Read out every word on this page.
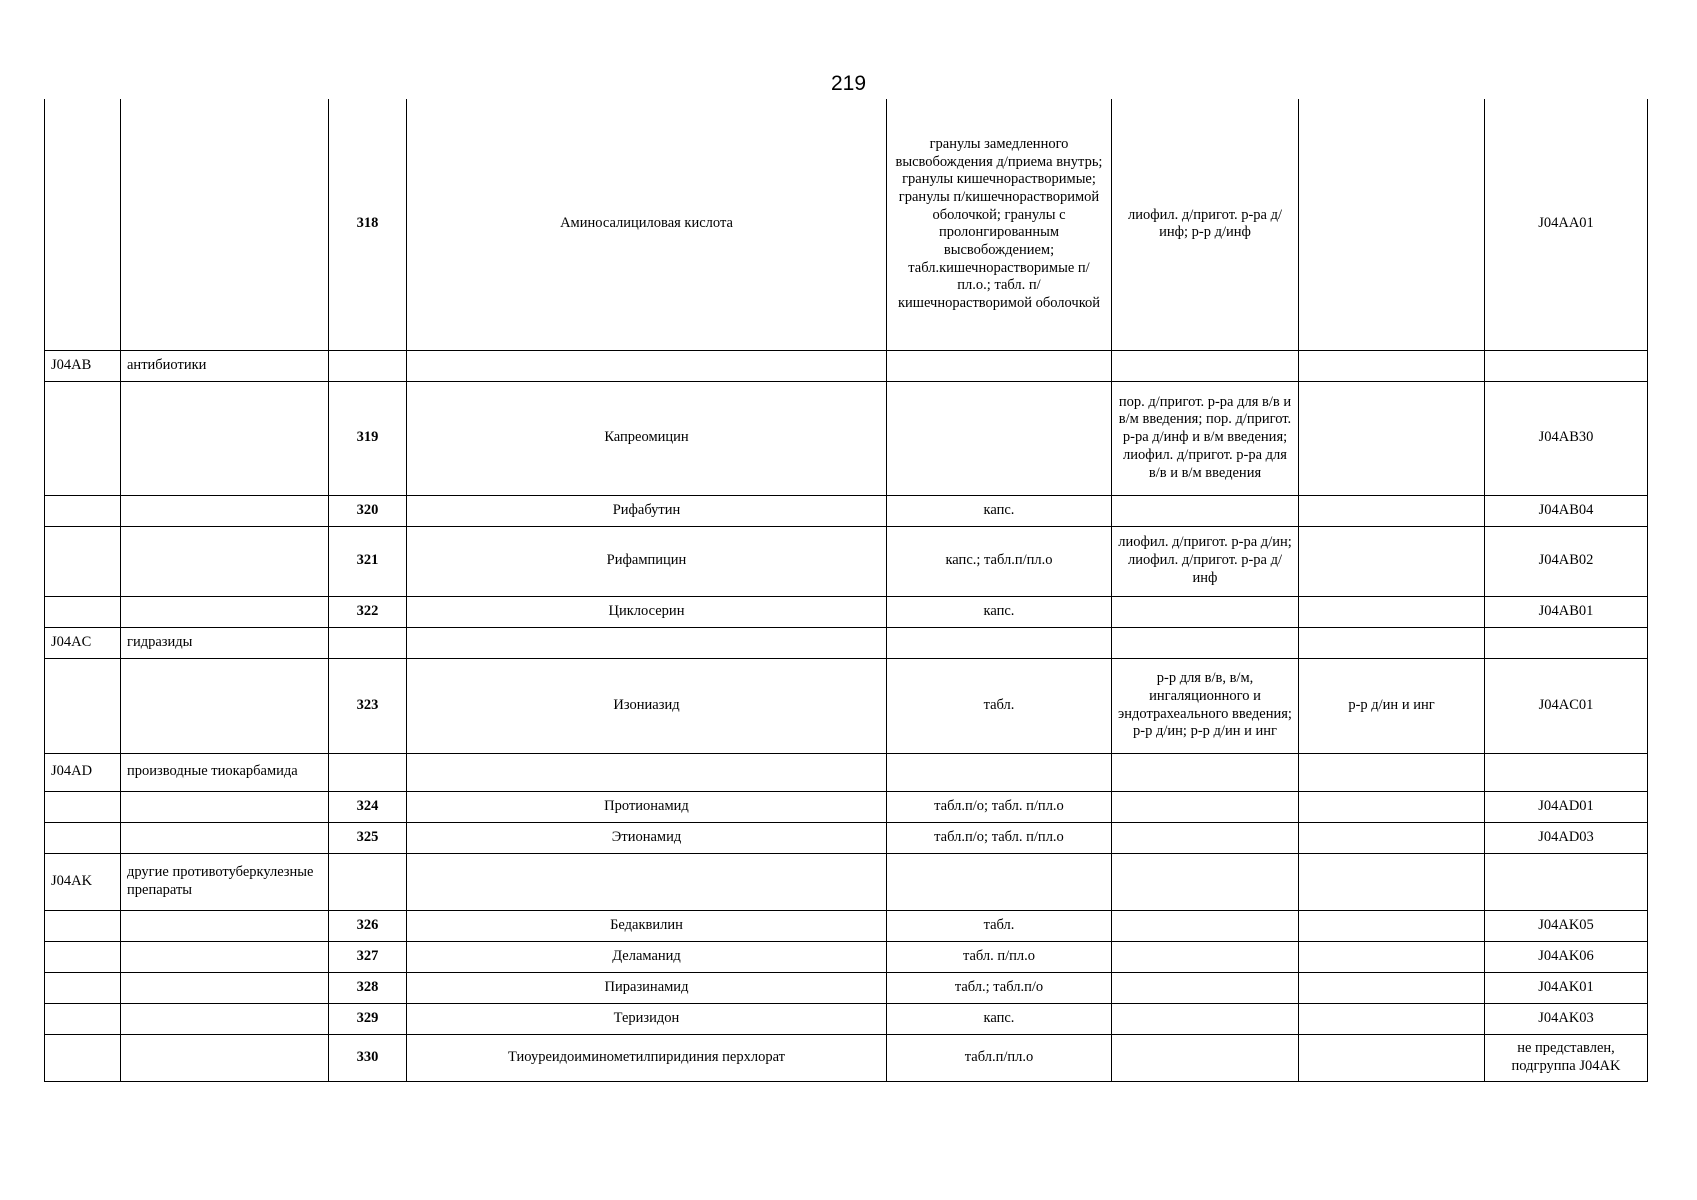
219
		318	Аминосалициловая кислота	гранулы замедленного высвобождения д/приема внутрь; гранулы кишечнорастворимые; гранулы п/кишечнорастворимой оболочкой; гранулы с пролонгированным высвобождением; табл.кишечнорастворимые п/пл.о.; табл. п/кишечнорастворимой оболочкой	лиофил. д/пригот. р-ра д/инф; р-р д/инф		J04AA01
J04AB	антибиотики						
		319	Капреомицин		пор. д/пригот. р-ра для в/в и в/м введения; пор. д/пригот. р-ра д/инф и в/м введения; лиофил. д/пригот. р-ра для в/в и в/м введения		J04AB30
		320	Рифабутин	капс.			J04AB04
		321	Рифампицин	капс.; табл.п/пл.о	лиофил. д/пригот. р-ра д/ин; лиофил. д/пригот. р-ра д/инф		J04AB02
		322	Циклосерин	капс.			J04AB01
J04AC	гидразиды						
		323	Изониазид	табл.	р-р для в/в, в/м, ингаляционного и эндотрахеального введения; р-р д/ин; р-р д/ин и инг	р-р д/ин и инг	J04AC01
J04AD	производные тиокарбамида						
		324	Протионамид	табл.п/о; табл. п/пл.о			J04AD01
		325	Этионамид	табл.п/о; табл. п/пл.о			J04AD03
J04AK	другие противотуберкулезные препараты						
		326	Бедаквилин	табл.			J04AK05
		327	Деламанид	табл. п/пл.о			J04AK06
		328	Пиразинамид	табл.; табл.п/о			J04AK01
		329	Теризидон	капс.			J04AK03
		330	Тиоуреидоиминометилпиридиния перхлорат	табл.п/пл.о			не представлен, подгруппа J04AK
